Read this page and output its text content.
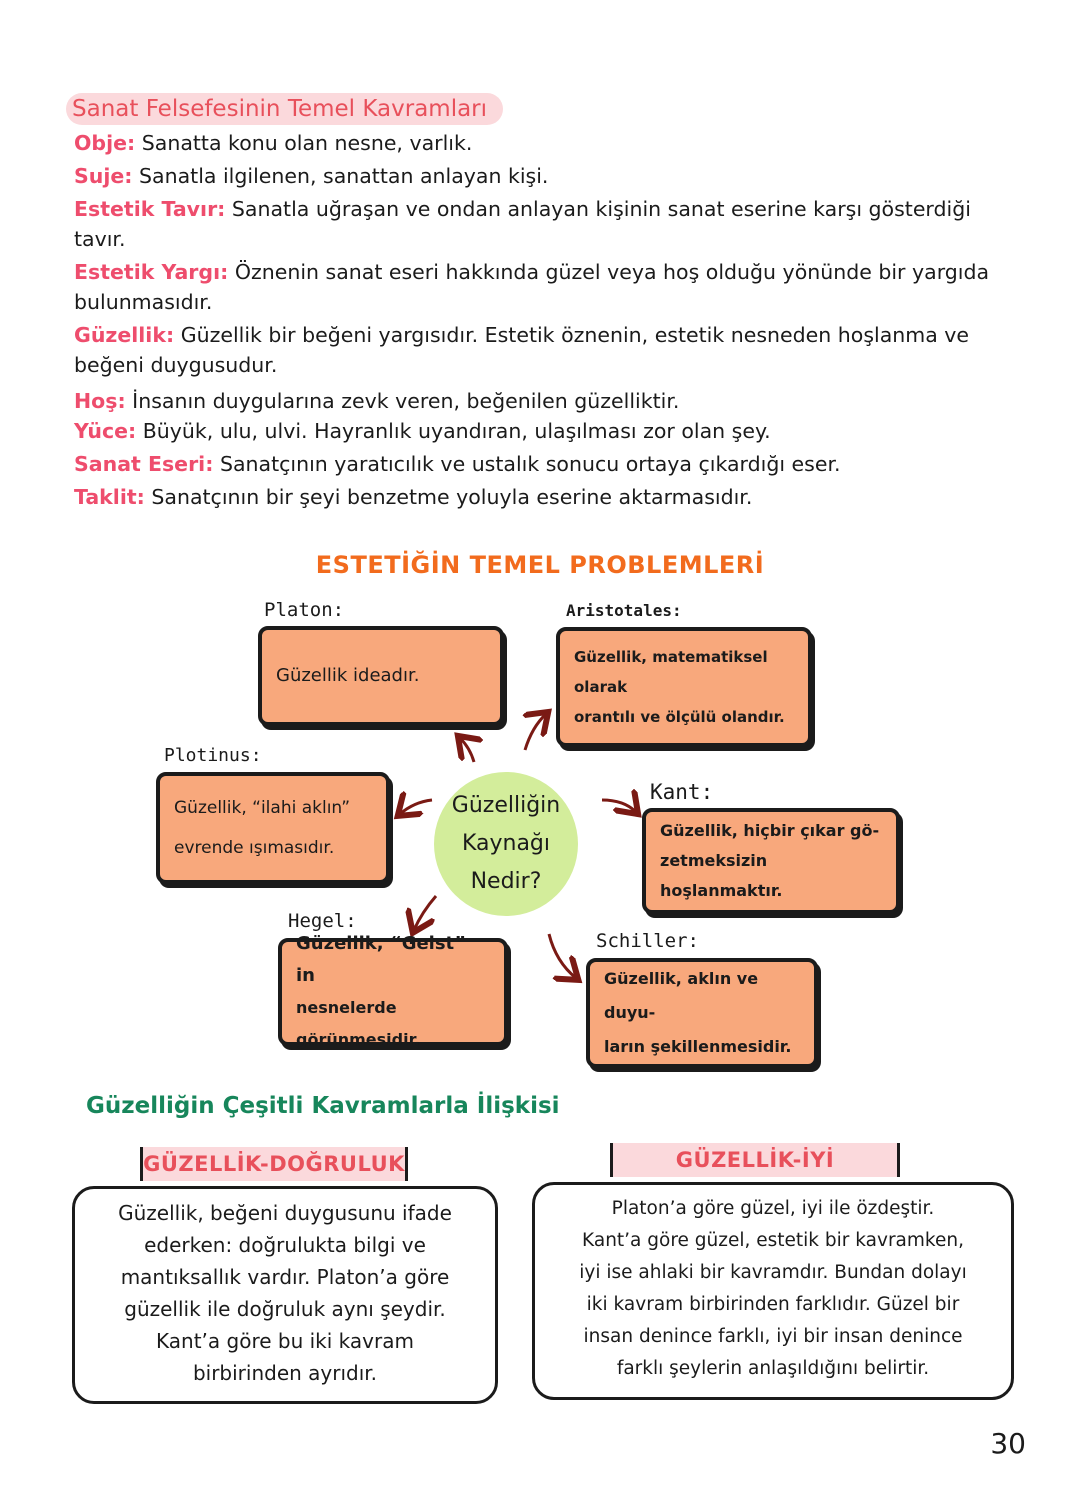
Sanat Felsefesinin Temel Kavramları

Obje: Sanatta konu olan nesne, varlık.

Suje: Sanatla ilgilenen, sanattan anlayan kişi.

Estetik Tavır: Sanatla uğraşan ve ondan anlayan kişinin sanat eserine karşı gösterdiği tavır.

Estetik Yargı: Öznenin sanat eseri hakkında güzel veya hoş olduğu yönünde bir yargıda bulunmasıdır.

Güzellik: Güzellik bir beğeni yargısıdır. Estetik öznenin, estetik nesneden hoşlanma ve beğeni duygusudur.

Hoş: İnsanın duygularına zevk veren, beğenilen güzelliktir.

Yüce: Büyük, ulu, ulvi. Hayranlık uyandıran, ulaşılması zor olan şey.

Sanat Eseri: Sanatçının yaratıcılık ve ustalık sonucu ortaya çıkardığı eser.

Taklit: Sanatçının bir şeyi benzetme yoluyla eserine aktarmasıdır.

ESTETİĞİN TEMEL PROBLEMLERİ
Platon:
Güzellik ideadır.
Aristotales:
Güzellik, matematiksel olarak
orantılı ve ölçülü olandır.
Plotinus:
Güzellik, “ilahi aklın”
evrende ışımasıdır.
Güzelliğin
Kaynağı
Nedir?
Kant:
Güzellik, hiçbir çıkar gö-
zetmeksizin hoşlanmaktır.
Hegel:
Güzellik, “Geist” in
nesnelerde görünmesidir.
Schiller:
Güzellik, aklın ve duyu-
ların şekillenmesidir.
Güzelliğin Çeşitli Kavramlarla İlişkisi
GÜZELLİK-DOĞRULUK
Güzellik, beğeni duygusunu ifade
ederken: doğrulukta bilgi ve
mantıksallık vardır. Platon’a göre
güzellik ile doğruluk aynı şeydir.
Kant’a göre bu iki kavram
birbirinden ayrıdır.
GÜZELLİK-İYİ
Platon’a göre güzel, iyi ile özdeştir.
Kant’a göre güzel, estetik bir kavramken,
iyi ise ahlaki bir kavramdır. Bundan dolayı
iki kavram birbirinden farklıdır. Güzel bir
insan denince farklı, iyi bir insan denince
farklı şeylerin anlaşıldığını belirtir.
30
